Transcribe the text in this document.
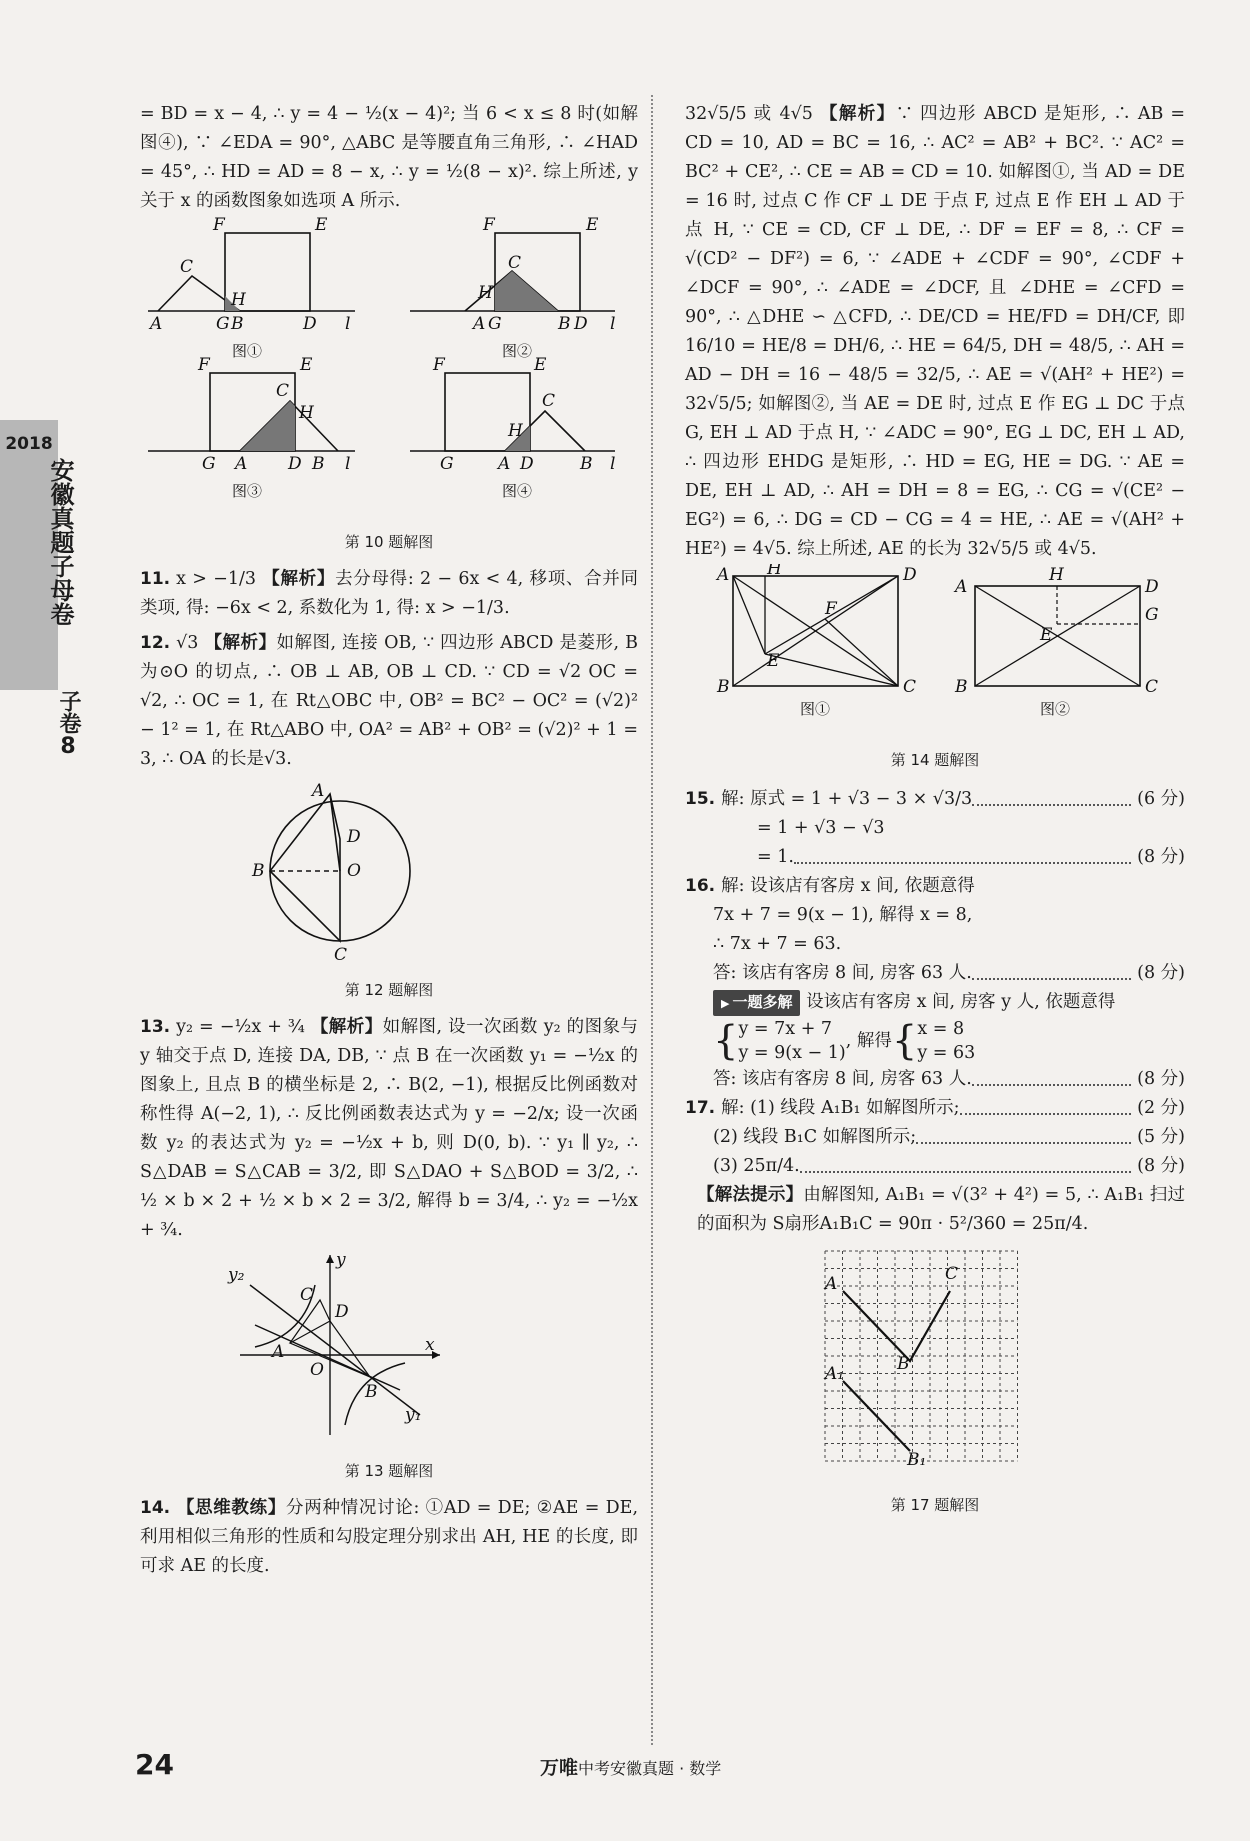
2018
安徽真题子母卷
子卷
8

= BD = x − 4, ∴ y = 4 − ½(x − 4)²; 当 6 < x ≤ 8 时(如解图④), ∵ ∠EDA = 90°, △ABC 是等腰直角三角形, ∴ ∠HAD = 45°, ∴ HD = AD = 8 − x, ∴ y = ½(8 − x)². 综上所述, y 关于 x 的函数图象如选项 A 所示.

A	G B	D l
C
F	E
H
图①
A G	B D l
C
F	E
H
图②
G A D B l
C
F	E
H
图③
G	A D	B l
C
F	E
H
图④
第 10 题解图

11. x > −1/3 【解析】去分母得: 2 − 6x < 4, 移项、合并同类项, 得: −6x < 2, 系数化为 1, 得: x > −1/3.

12. √3 【解析】如解图, 连接 OB, ∵ 四边形 ABCD 是菱形, B 为⊙O 的切点, ∴ OB ⊥ AB, OB ⊥ CD. ∵ CD = √2 OC = √2, ∴ OC = 1, 在 Rt△OBC 中, OB² = BC² − OC² = (√2)² − 1² = 1, 在 Rt△ABO 中, OA² = AB² + OB² = (√2)² + 1 = 3, ∴ OA 的长是√3.

A
B
C
D
O
第 12 题解图

13. y₂ = −½x + ¾ 【解析】如解图, 设一次函数 y₂ 的图象与 y 轴交于点 D, 连接 DA, DB, ∵ 点 B 在一次函数 y₁ = −½x 的图象上, 且点 B 的横坐标是 2, ∴ B(2, −1), 根据反比例函数对称性得 A(−2, 1), ∴ 反比例函数表达式为 y = −2/x; 设一次函数 y₂ 的表达式为 y₂ = −½x + b, 则 D(0, b). ∵ y₁ ∥ y₂, ∴ S△DAB = S△CAB = 3/2, 即 S△DAO + S△BOD = 3/2, ∴ ½ × b × 2 + ½ × b × 2 = 3/2, 解得 b = 3/4, ∴ y₂ = −½x + ¾.

y₂
C
D
A
O
B
y₁
x
y
第 13 题解图

14. 【思维教练】分两种情况讨论: ①AD = DE; ②AE = DE, 利用相似三角形的性质和勾股定理分别求出 AH, HE 的长度, 即可求 AE 的长度.

32√5/5 或 4√5 【解析】∵ 四边形 ABCD 是矩形, ∴ AB = CD = 10, AD = BC = 16, ∴ AC² = AB² + BC². ∵ AC² = BC² + CE², ∴ CE = AB = CD = 10. 如解图①, 当 AD = DE = 16 时, 过点 C 作 CF ⊥ DE 于点 F, 过点 E 作 EH ⊥ AD 于点 H, ∵ CE = CD, CF ⊥ DE, ∴ DF = EF = 8, ∴ CF = √(CD² − DF²) = 6, ∵ ∠ADE + ∠CDF = 90°, ∠CDF + ∠DCF = 90°, ∴ ∠ADE = ∠DCF, 且 ∠DHE = ∠CFD = 90°, ∴ △DHE ∽ △CFD, ∴ DE/CD = HE/FD = DH/CF, 即 16/10 = HE/8 = DH/6, ∴ HE = 64/5, DH = 48/5, ∴ AH = AD − DH = 16 − 48/5 = 32/5, ∴ AE = √(AH² + HE²) = 32√5/5; 如解图②, 当 AE = DE 时, 过点 E 作 EG ⊥ DC 于点 G, EH ⊥ AD 于点 H, ∵ ∠ADC = 90°, EG ⊥ DC, EH ⊥ AD, ∴ 四边形 EHDG 是矩形, ∴ HD = EG, HE = DG. ∵ AE = DE, EH ⊥ AD, ∴ AH = DH = 8 = EG, ∴ CG = √(CE² − EG²) = 6, ∴ DG = CD − CG = 4 = HE, ∴ AE = √(AH² + HE²) = 4√5. 综上所述, AE 的长为 32√5/5 或 4√5.

A H	D
B	C
F
E
图①
A
H
D
G
E
B	C
图②
第 14 题解图
15. 解: 原式 = 1 + √3 − 3 × √3/3	(6 分)
= 1 + √3 − √3
= 1.	(8 分)
16. 解: 设该店有客房 x 间, 依题意得
7x + 7 = 9(x − 1), 解得 x = 8,
∴ 7x + 7 = 63.
答: 该店有客房 8 间, 房客 63 人.	(8 分)
▶ 一题多解 设该店有客房 x 间, 房客 y 人, 依题意得
{ y = 7x + 7
y = 9(x − 1)
, 解得 { x = 8
y = 63
答: 该店有客房 8 间, 房客 63 人.	(8 分)
17. 解: (1) 线段 A₁B₁ 如解图所示;	(2 分)
(2) 线段 B₁C 如解图所示;	(5 分)
(3) 25π/4.	(8 分)

【解法提示】由解图知, A₁B₁ = √(3² + 4²) = 5, ∴ A₁B₁ 扫过的面积为 S扇形A₁B₁C = 90π · 5²/360 = 25π/4.

A
B
C
A₁
B₁
第 17 题解图
24	万唯中考安徽真题 · 数学
